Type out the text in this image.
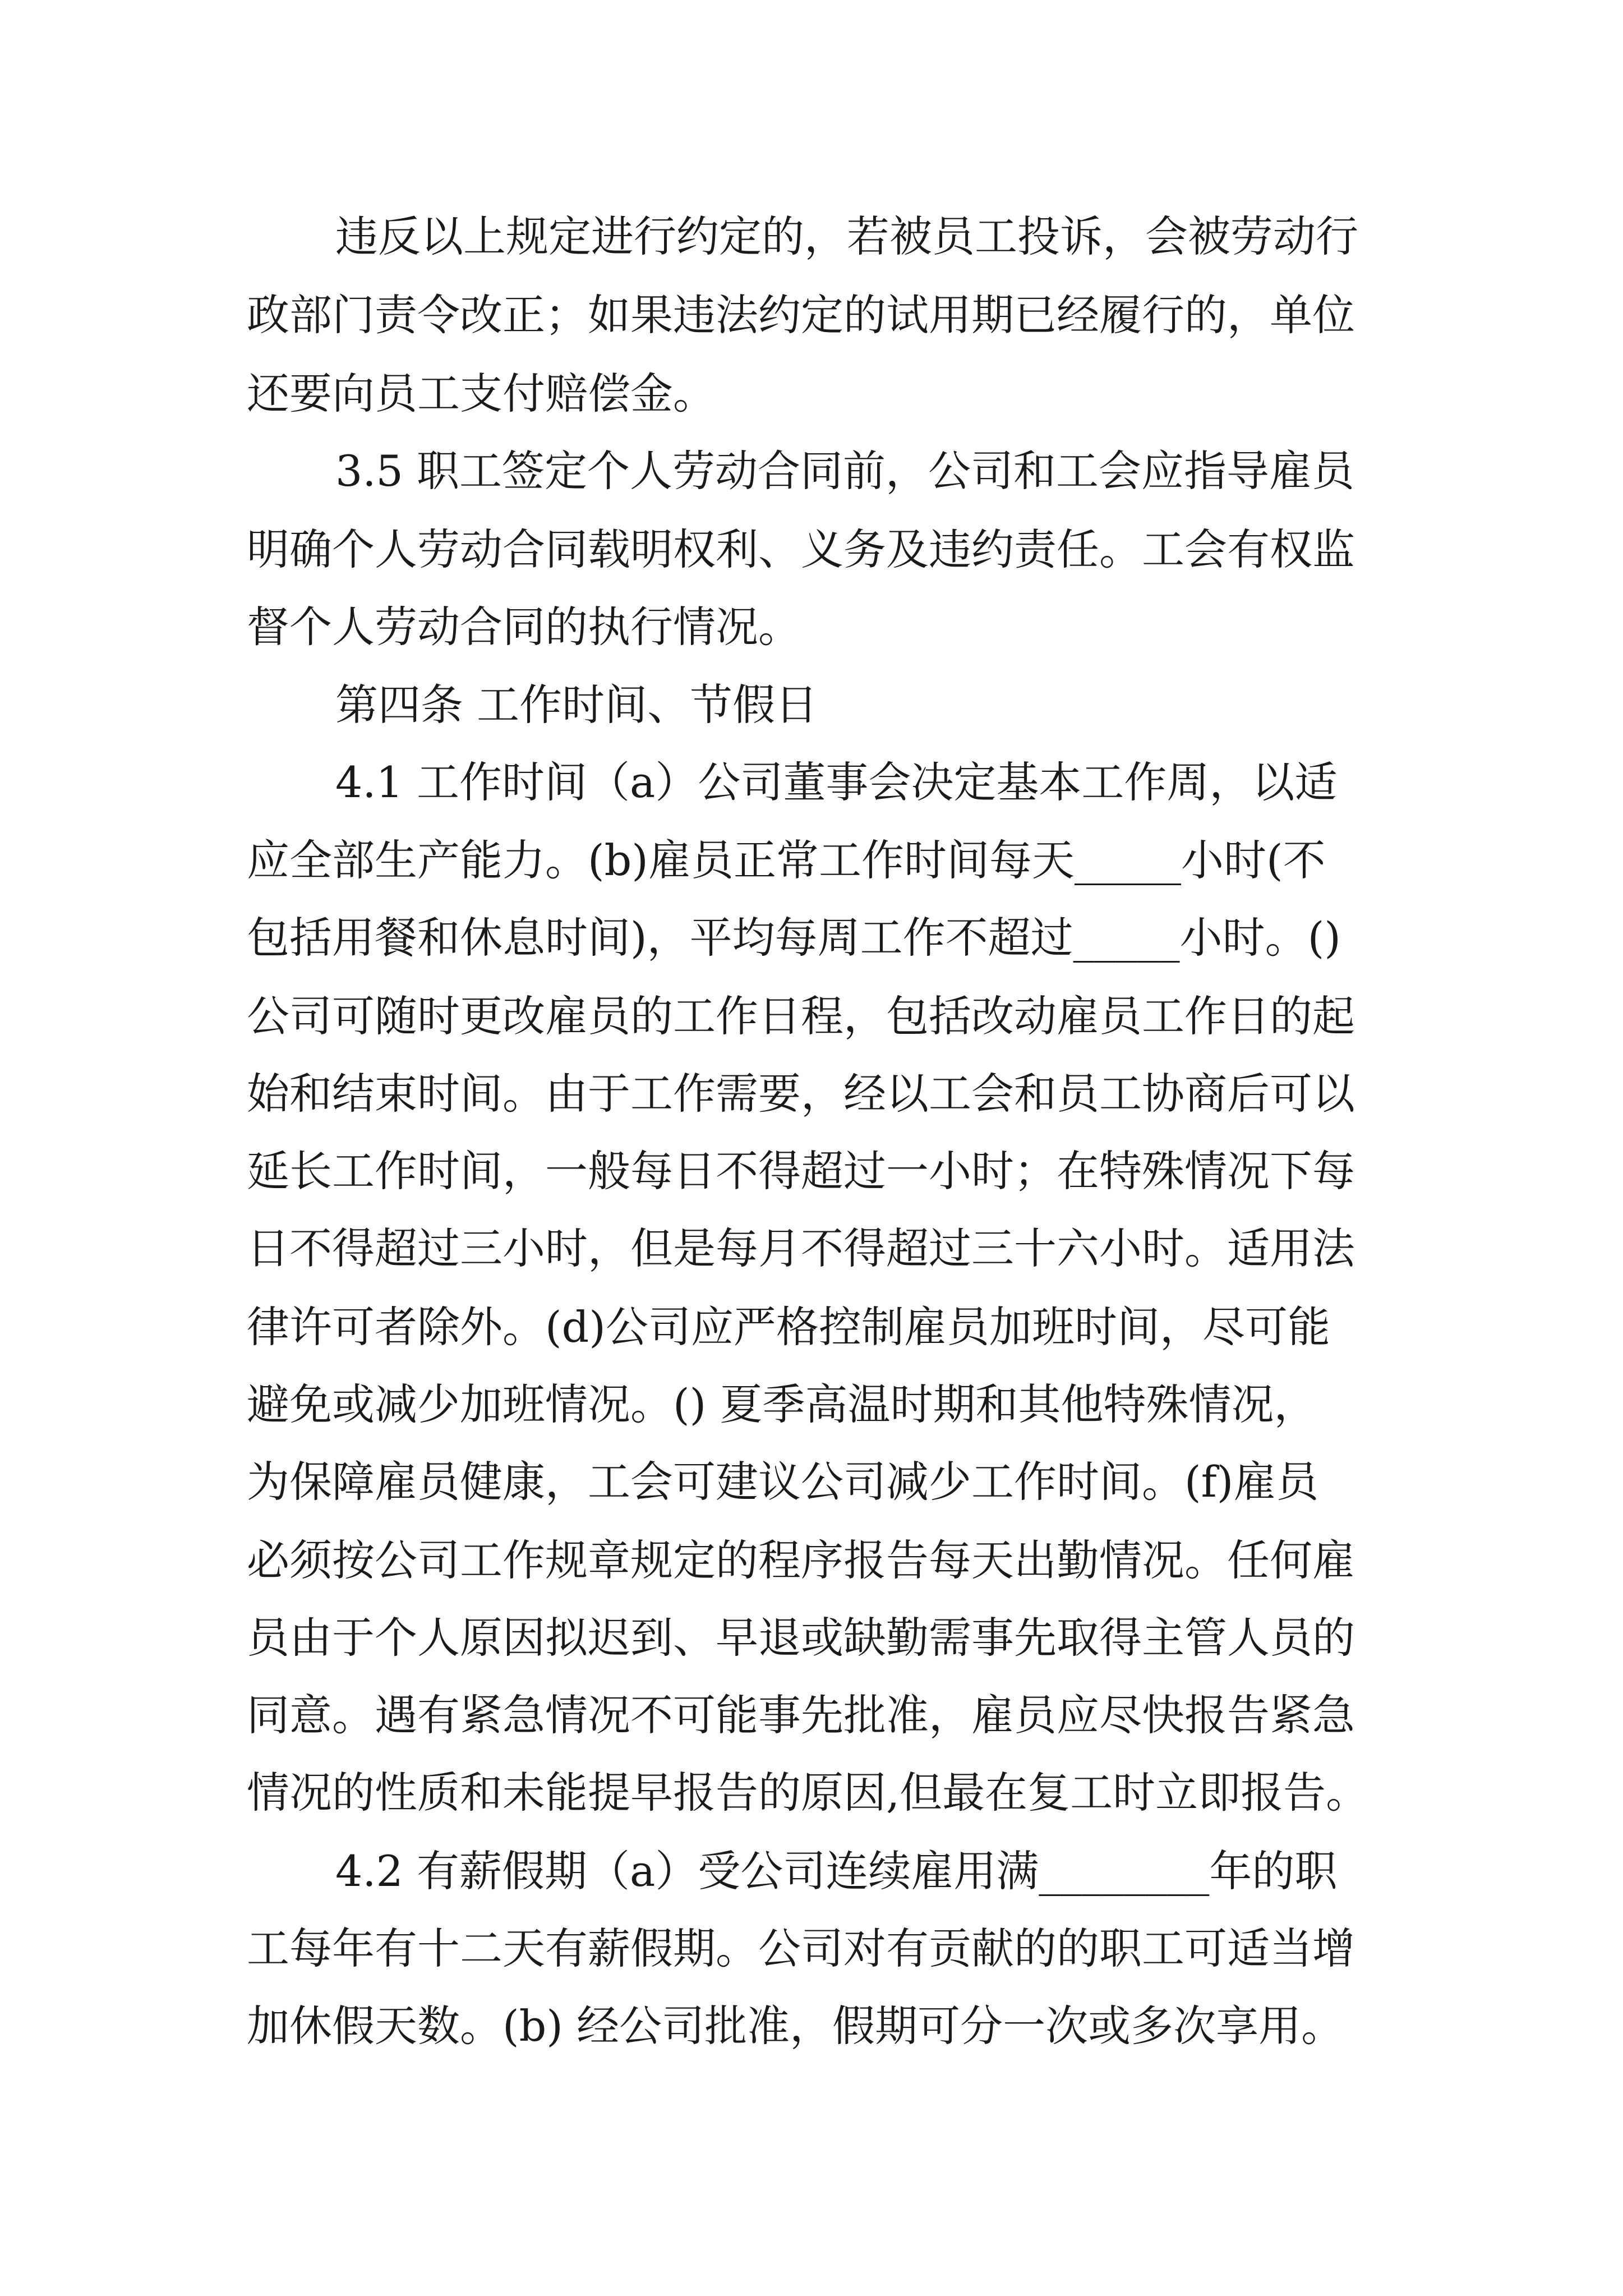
违反以上规定进行约定的，若被员工投诉，会被劳动行
政部门责令改正；如果违法约定的试用期已经履行的，单位
还要向员工支付赔偿金。
3.5 职工签定个人劳动合同前，公司和工会应指导雇员
明确个人劳动合同载明权利、义务及违约责任。工会有权监
督个人劳动合同的执行情况。
第四条 工作时间、节假日
4.1 工作时间（a）公司董事会决定基本工作周，以适
应全部生产能力。(b)雇员正常工作时间每天_____小时(不
包括用餐和休息时间)，平均每周工作不超过_____小时。()
公司可随时更改雇员的工作日程，包括改动雇员工作日的起
始和结束时间。由于工作需要，经以工会和员工协商后可以
延长工作时间，一般每日不得超过一小时；在特殊情况下每
日不得超过三小时，但是每月不得超过三十六小时。适用法
律许可者除外。(d)公司应严格控制雇员加班时间，尽可能
避免或减少加班情况。() 夏季高温时期和其他特殊情况，
为保障雇员健康，工会可建议公司减少工作时间。(f)雇员
必须按公司工作规章规定的程序报告每天出勤情况。任何雇
员由于个人原因拟迟到、早退或缺勤需事先取得主管人员的
同意。遇有紧急情况不可能事先批准，雇员应尽快报告紧急
情况的性质和未能提早报告的原因,但最在复工时立即报告。
4.2 有薪假期（a）受公司连续雇用满________年的职
工每年有十二天有薪假期。公司对有贡献的的职工可适当增
加休假天数。(b) 经公司批准，假期可分一次或多次享用。
